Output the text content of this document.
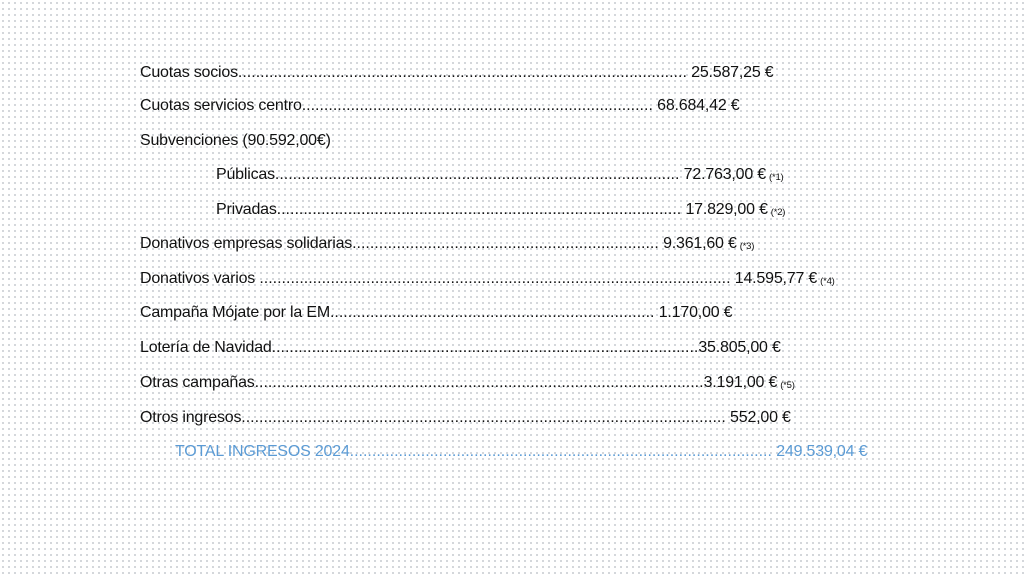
Cuotas socios..................................................................................................... 25.587,25 €
Cuotas servicios centro............................................................................... 68.684,42 €
Subvenciones (90.592,00€)
Públicas........................................................................................... 72.763,00 € (*1)
Privadas........................................................................................... 17.829,00 € (*2)
Donativos empresas solidarias..................................................................... 9.361,60 € (*3)
Donativos varios .......................................................................................................... 14.595,77 € (*4)
Campaña Mójate por la EM......................................................................... 1.170,00 €
Lotería de Navidad................................................................................................35.805,00 €
Otras campañas.....................................................................................................3.191,00 € (*5)
Otros ingresos............................................................................................................. 552,00 €
TOTAL INGRESOS 2024............................................................................................... 249.539,04 €
